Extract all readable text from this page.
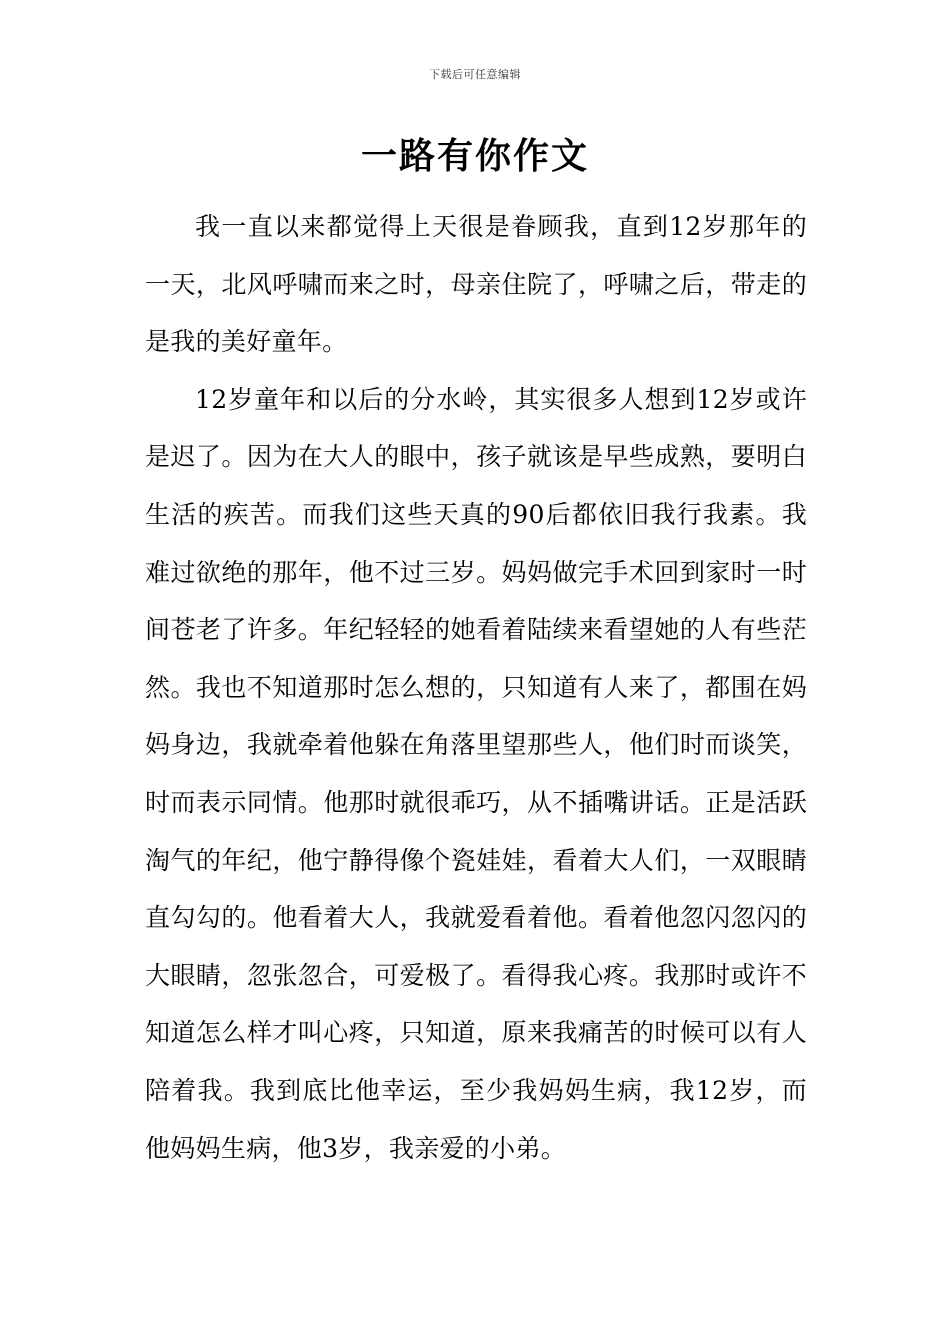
下载后可任意编辑
一路有你作文

我一直以来都觉得上天很是眷顾我，直到12岁那年的一天，北风呼啸而来之时，母亲住院了，呼啸之后，带走的是我的美好童年。

12岁童年和以后的分水岭，其实很多人想到12岁或许是迟了。因为在大人的眼中，孩子就该是早些成熟，要明白生活的疾苦。而我们这些天真的90后都依旧我行我素。我难过欲绝的那年，他不过三岁。妈妈做完手术回到家时一时间苍老了许多。年纪轻轻的她看着陆续来看望她的人有些茫然。我也不知道那时怎么想的，只知道有人来了，都围在妈妈身边，我就牵着他躲在角落里望那些人，他们时而谈笑，时而表示同情。他那时就很乖巧，从不插嘴讲话。正是活跃淘气的年纪，他宁静得像个瓷娃娃，看着大人们，一双眼睛直勾勾的。他看着大人，我就爱看着他。看着他忽闪忽闪的大眼睛，忽张忽合，可爱极了。看得我心疼。我那时或许不知道怎么样才叫心疼，只知道，原来我痛苦的时候可以有人陪着我。我到底比他幸运，至少我妈妈生病，我12岁，而他妈妈生病，他3岁，我亲爱的小弟。
